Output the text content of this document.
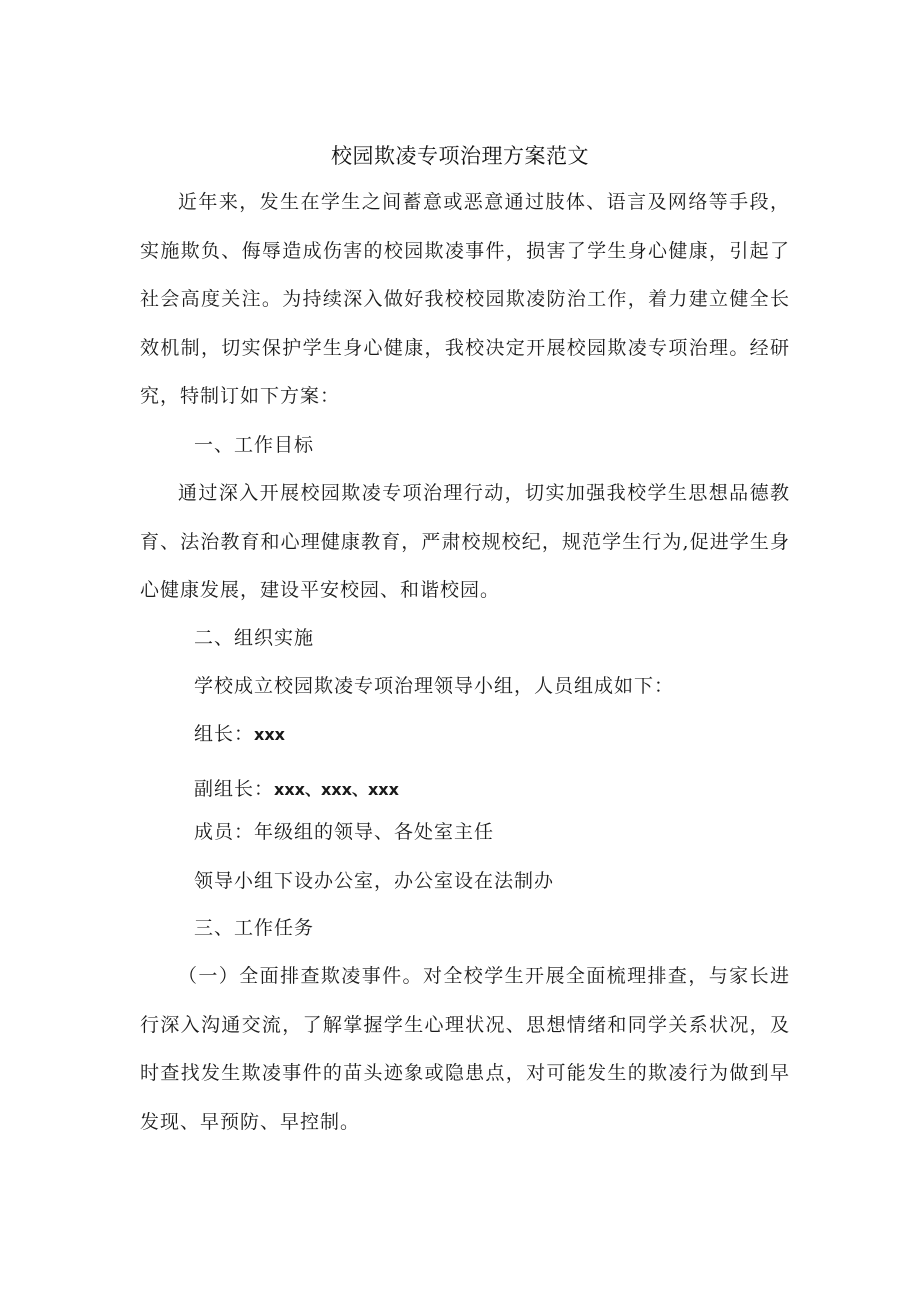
校园欺凌专项治理方案范文

近年来，发生在学生之间蓄意或恶意通过肢体、语言及网络等手段，实施欺负、侮辱造成伤害的校园欺凌事件，损害了学生身心健康，引起了社会高度关注。为持续深入做好我校校园欺凌防治工作，着力建立健全长效机制，切实保护学生身心健康，我校决定开展校园欺凌专项治理。经研究，特制订如下方案：

一、工作目标

通过深入开展校园欺凌专项治理行动，切实加强我校学生思想品德教育、法治教育和心理健康教育，严肃校规校纪，规范学生行为,促进学生身心健康发展，建设平安校园、和谐校园。

二、组织实施

学校成立校园欺凌专项治理领导小组，人员组成如下：

组长：xxx

副组长：xxx、xxx、xxx

成员：年级组的领导、各处室主任

领导小组下设办公室，办公室设在法制办

三、工作任务

（一）全面排查欺凌事件。对全校学生开展全面梳理排查，与家长进行深入沟通交流，了解掌握学生心理状况、思想情绪和同学关系状况，及时查找发生欺凌事件的苗头迹象或隐患点，对可能发生的欺凌行为做到早发现、早预防、早控制。
